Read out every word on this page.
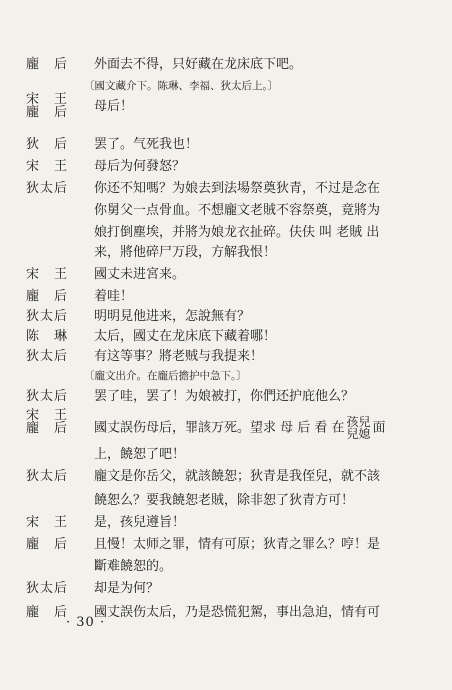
龐　后	外面去不得，只好藏在龙床底下吧。
〔國文藏介下。陈琳、李福、狄太后上。〕
宋　王
龐　后	母后！
狄　后	罢了。气死我也！
宋　王	母后为何發怒？
狄太后	你还不知嗎？为娘去到法場祭奠狄青，不过是念在
你舅父一点骨血。不想龐文老賊不容祭奠，竟將为
娘打倒塵埃，并將为娘龙衣扯碎。伕伕 叫 老賊 出
来，將他碎尸万段，方解我恨！
宋　王	國丈未进宮来。
龐　后	着哇！
狄太后	明明見他进来，怎說無有？
陈　琳	太后，國丈在龙床底下藏着哪！
狄太后	有这等事？將老贼与我提来！
〔龐文出介。在龐后擔护中急下。〕
狄太后	罢了哇，罢了！为娘被打，你們还护庇他么？
宋　王
龐　后	國丈誤伤母后，罪該万死。望求 母 后 看 在 孩兒
兒媳 面
上，饒恕了吧！
狄太后	龐文是你岳父，就該饒恕；狄青是我侄兒，就不該
饒恕么？要我饒恕老賊，除非恕了狄青方可！
宋　王	是，孩兒遵旨！
龐　后	且慢！太师之罪，情有可原；狄青之罪么？哼！是
斷难饒恕的。
狄太后	却是为何？
龐　后	國丈誤伤太后，乃是恐慌犯駕，事出急迫，情有可
· 30 ·
